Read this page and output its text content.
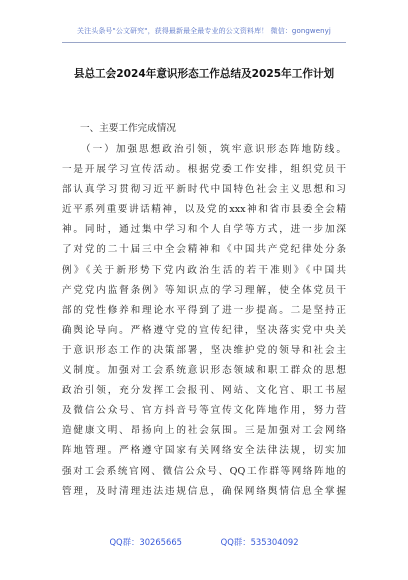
关注头条号"公文研究"，获得最新最全最专业的公文资料库！ 微信：gongwenyj
县总工会2024年意识形态工作总结及2025年工作计划
一、主要工作完成情况
（一）加强思想政治引领，筑牢意识形态阵地防线。
一是开展学习宣传活动。根据党委工作安排，组织党员干
部认真学习贯彻习近平新时代中国特色社会主义思想和习
近平系列重要讲话精神，以及党的xxx神和省市县委全会精
神。同时，通过集中学习和个人自学等方式，进一步加深
了对党的二十届三中全会精神和《中国共产党纪律处分条
例》《关于新形势下党内政治生活的若干准则》《中国共
产党党内监督条例》等知识点的学习理解，使全体党员干
部的党性修养和理论水平得到了进一步提高。二是坚持正
确舆论导向。严格遵守党的宣传纪律，坚决落实党中央关
于意识形态工作的决策部署，坚决维护党的领导和社会主
义制度。加强对工会系统意识形态领域和职工群众的思想
政治引领，充分发挥工会报刊、网站、文化宫、职工书屋
及微信公众号、官方抖音号等宣传文化阵地作用，努力营
造健康文明、昂扬向上的社会氛围。三是加强对工会网络
阵地管理。严格遵守国家有关网络安全法律法规，切实加
强对工会系统官网、微信公众号、QQ工作群等网络阵地的
管理，及时清理违法违规信息，确保网络舆情信息全掌握
QQ群：30265665	QQ群：535304092
